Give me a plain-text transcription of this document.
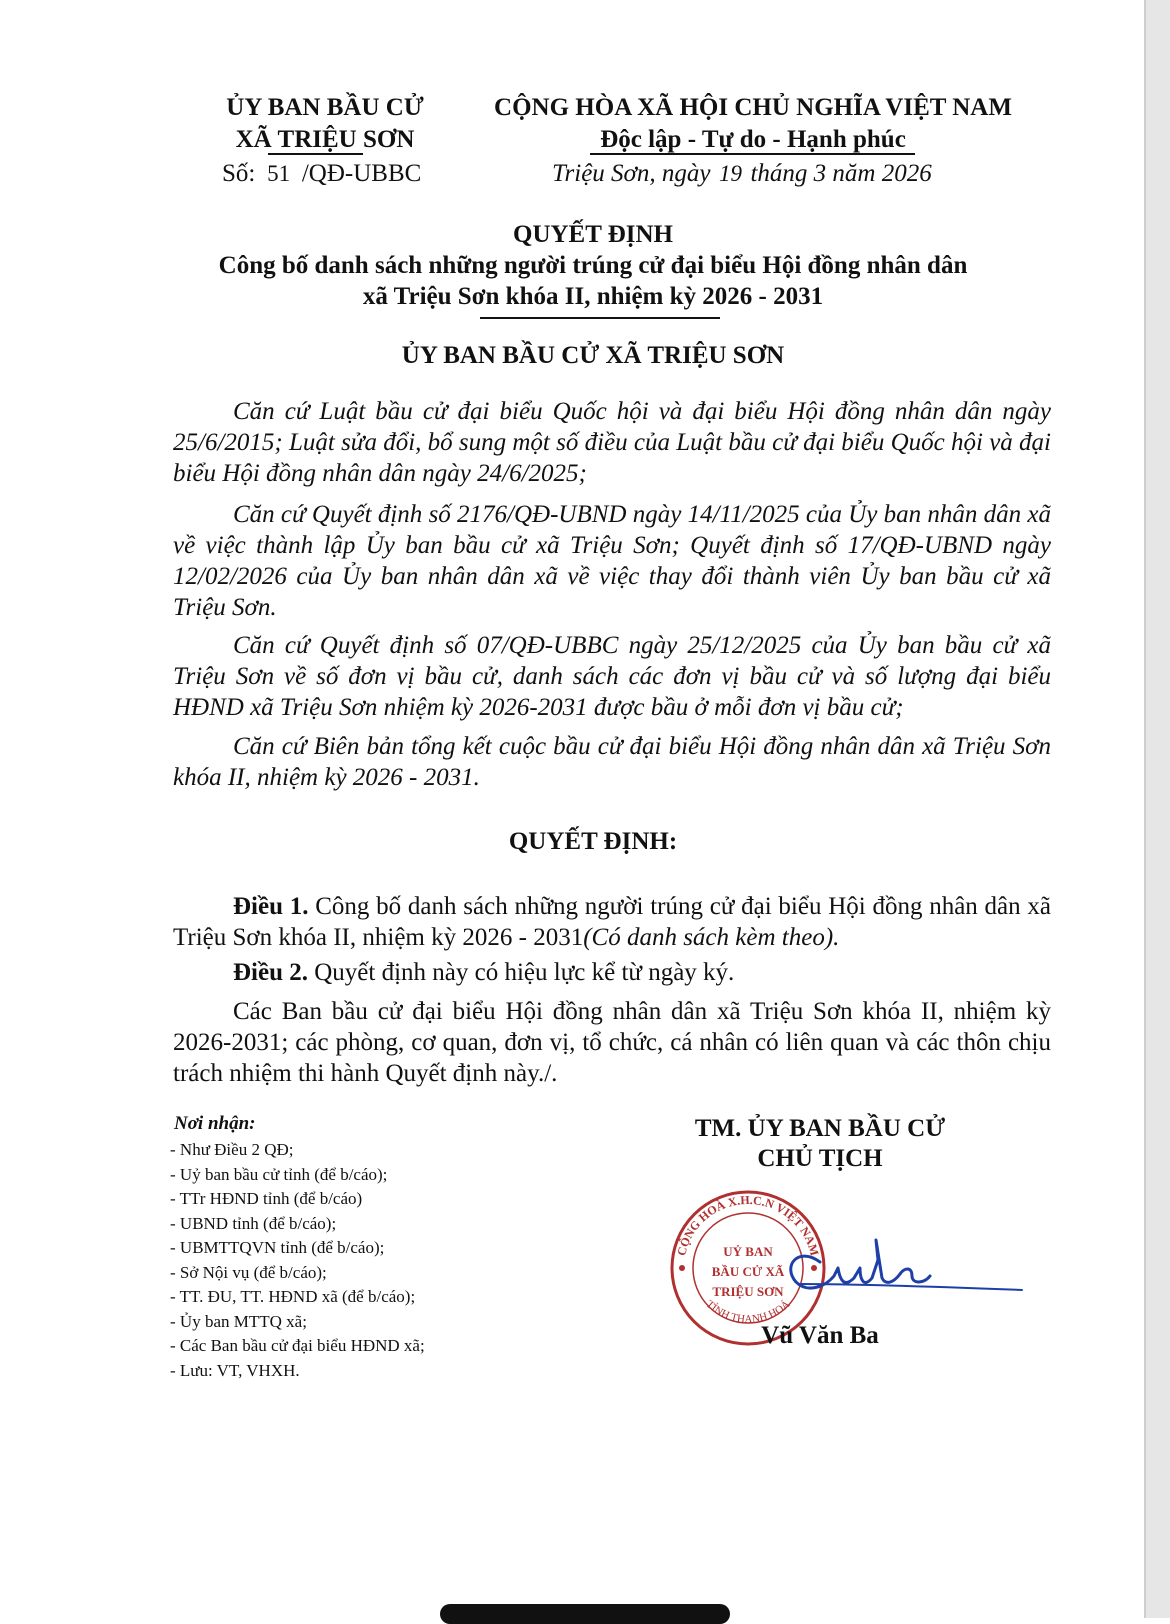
ỦY BAN BẦU CỬ
XÃ TRIỆU SƠN
Số: 51 /QĐ-UBBC
CỘNG HÒA XÃ HỘI CHỦ NGHĨA VIỆT NAM
Độc lập - Tự do - Hạnh phúc
Triệu Sơn, ngày 19 tháng 3 năm 2026
QUYẾT ĐỊNH
Công bố danh sách những người trúng cử đại biểu Hội đồng nhân dân
xã Triệu Sơn khóa II, nhiệm kỳ 2026 - 2031
ỦY BAN BẦU CỬ XÃ TRIỆU SƠN
Căn cứ Luật bầu cử đại biểu Quốc hội và đại biểu Hội đồng nhân dân ngày 25/6/2015; Luật sửa đổi, bổ sung một số điều của Luật bầu cử đại biểu Quốc hội và đại biểu Hội đồng nhân dân ngày 24/6/2025;
Căn cứ Quyết định số 2176/QĐ-UBND ngày 14/11/2025 của Ủy ban nhân dân xã về việc thành lập Ủy ban bầu cử xã Triệu Sơn; Quyết định số 17/QĐ-UBND ngày 12/02/2026 của Ủy ban nhân dân xã về việc thay đổi thành viên Ủy ban bầu cử xã Triệu Sơn.
Căn cứ Quyết định số 07/QĐ-UBBC ngày 25/12/2025 của Ủy ban bầu cử xã Triệu Sơn về số đơn vị bầu cử, danh sách các đơn vị bầu cử và số lượng đại biểu HĐND xã Triệu Sơn nhiệm kỳ 2026-2031 được bầu ở mỗi đơn vị bầu cử;
Căn cứ Biên bản tổng kết cuộc bầu cử đại biểu Hội đồng nhân dân xã Triệu Sơn khóa II, nhiệm kỳ 2026 - 2031.
QUYẾT ĐỊNH:
Điều 1. Công bố danh sách những người trúng cử đại biểu Hội đồng nhân dân xã Triệu Sơn khóa II, nhiệm kỳ 2026 - 2031(Có danh sách kèm theo).
Điều 2. Quyết định này có hiệu lực kể từ ngày ký.
Các Ban bầu cử đại biểu Hội đồng nhân dân xã Triệu Sơn khóa II, nhiệm kỳ 2026-2031; các phòng, cơ quan, đơn vị, tổ chức, cá nhân có liên quan và các thôn chịu trách nhiệm thi hành Quyết định này./.
Nơi nhận:
- Như Điều 2 QĐ;
- Uỷ ban bầu cử tỉnh (để b/cáo);
- TTr HĐND tỉnh (để b/cáo)
- UBND tỉnh (để b/cáo);
- UBMTTQVN tỉnh (để b/cáo);
- Sở Nội vụ (để b/cáo);
- TT. ĐU, TT. HĐND xã (để b/cáo);
- Ủy ban MTTQ xã;
- Các Ban bầu cử đại biểu HĐND xã;
- Lưu: VT, VHXH.
TM. ỦY BAN BẦU CỬ
CHỦ TỊCH
CỘNG HOÀ X.H.C.N VIỆT NAM
TỈNH THANH HOÁ
UỶ BAN
BẦU CỬ XÃ
TRIỆU SƠN
Vũ Văn Ba
